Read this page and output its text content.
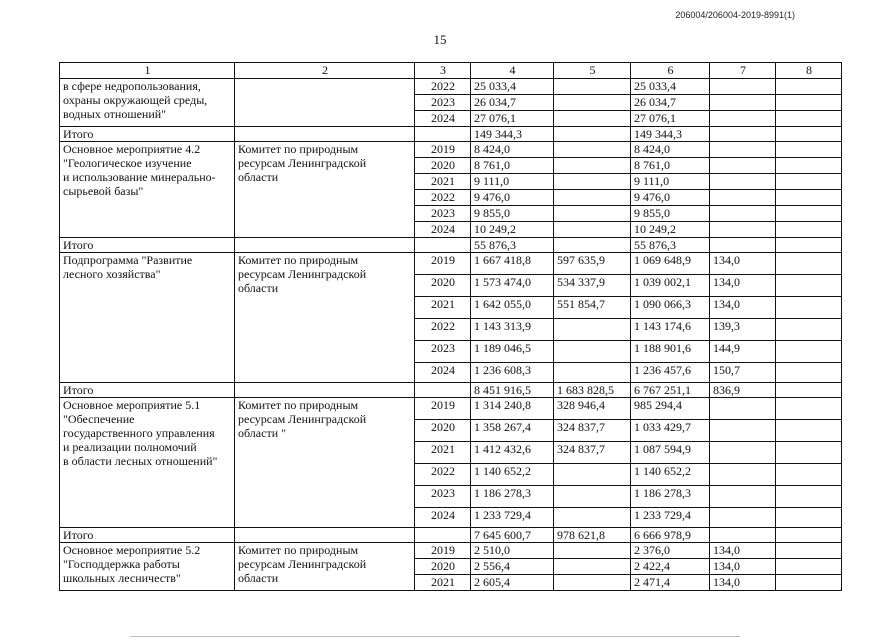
206004/206004-2019-8991(1)
15
1	2	3	4	5	6	7	8
в сфере недропользования,
охраны окружающей среды,
водных отношений"		2022	25 033,4		25 033,4		
		2023	26 034,7		26 034,7		
		2024	27 076,1		27 076,1		
Итого			149 344,3		149 344,3		
Основное мероприятие 4.2
"Геологическое изучение
и использование минерально-
сырьевой базы"	Комитет по природным
ресурсам Ленинградской
области	2019	8 424,0		8 424,0		
		2020	8 761,0		8 761,0		
		2021	9 111,0		9 111,0		
		2022	9 476,0		9 476,0		
		2023	9 855,0		9 855,0		
		2024	10 249,2		10 249,2		
Итого			55 876,3		55 876,3		
Подпрограмма "Развитие
лесного хозяйства"	Комитет по природным
ресурсам Ленинградской
области	2019	1 667 418,8	597 635,9	1 069 648,9	134,0	
		2020	1 573 474,0	534 337,9	1 039 002,1	134,0	
		2021	1 642 055,0	551 854,7	1 090 066,3	134,0	
		2022	1 143 313,9		1 143 174,6	139,3	
		2023	1 189 046,5		1 188 901,6	144,9	
		2024	1 236 608,3		1 236 457,6	150,7	
Итого			8 451 916,5	1 683 828,5	6 767 251,1	836,9	
Основное мероприятие 5.1
"Обеспечение
государственного управления
и реализации полномочий
в области лесных отношений"	Комитет по природным
ресурсам Ленинградской
области "	2019	1 314 240,8	328 946,4	985 294,4		
		2020	1 358 267,4	324 837,7	1 033 429,7		
		2021	1 412 432,6	324 837,7	1 087 594,9		
		2022	1 140 652,2		1 140 652,2		
		2023	1 186 278,3		1 186 278,3		
		2024	1 233 729,4		1 233 729,4		
Итого			7 645 600,7	978 621,8	6 666 978,9		
Основное мероприятие 5.2
"Господдержка работы
школьных лесничеств"	Комитет по природным
ресурсам Ленинградской
области	2019	2 510,0		2 376,0	134,0	
		2020	2 556,4		2 422,4	134,0	
		2021	2 605,4		2 471,4	134,0	
